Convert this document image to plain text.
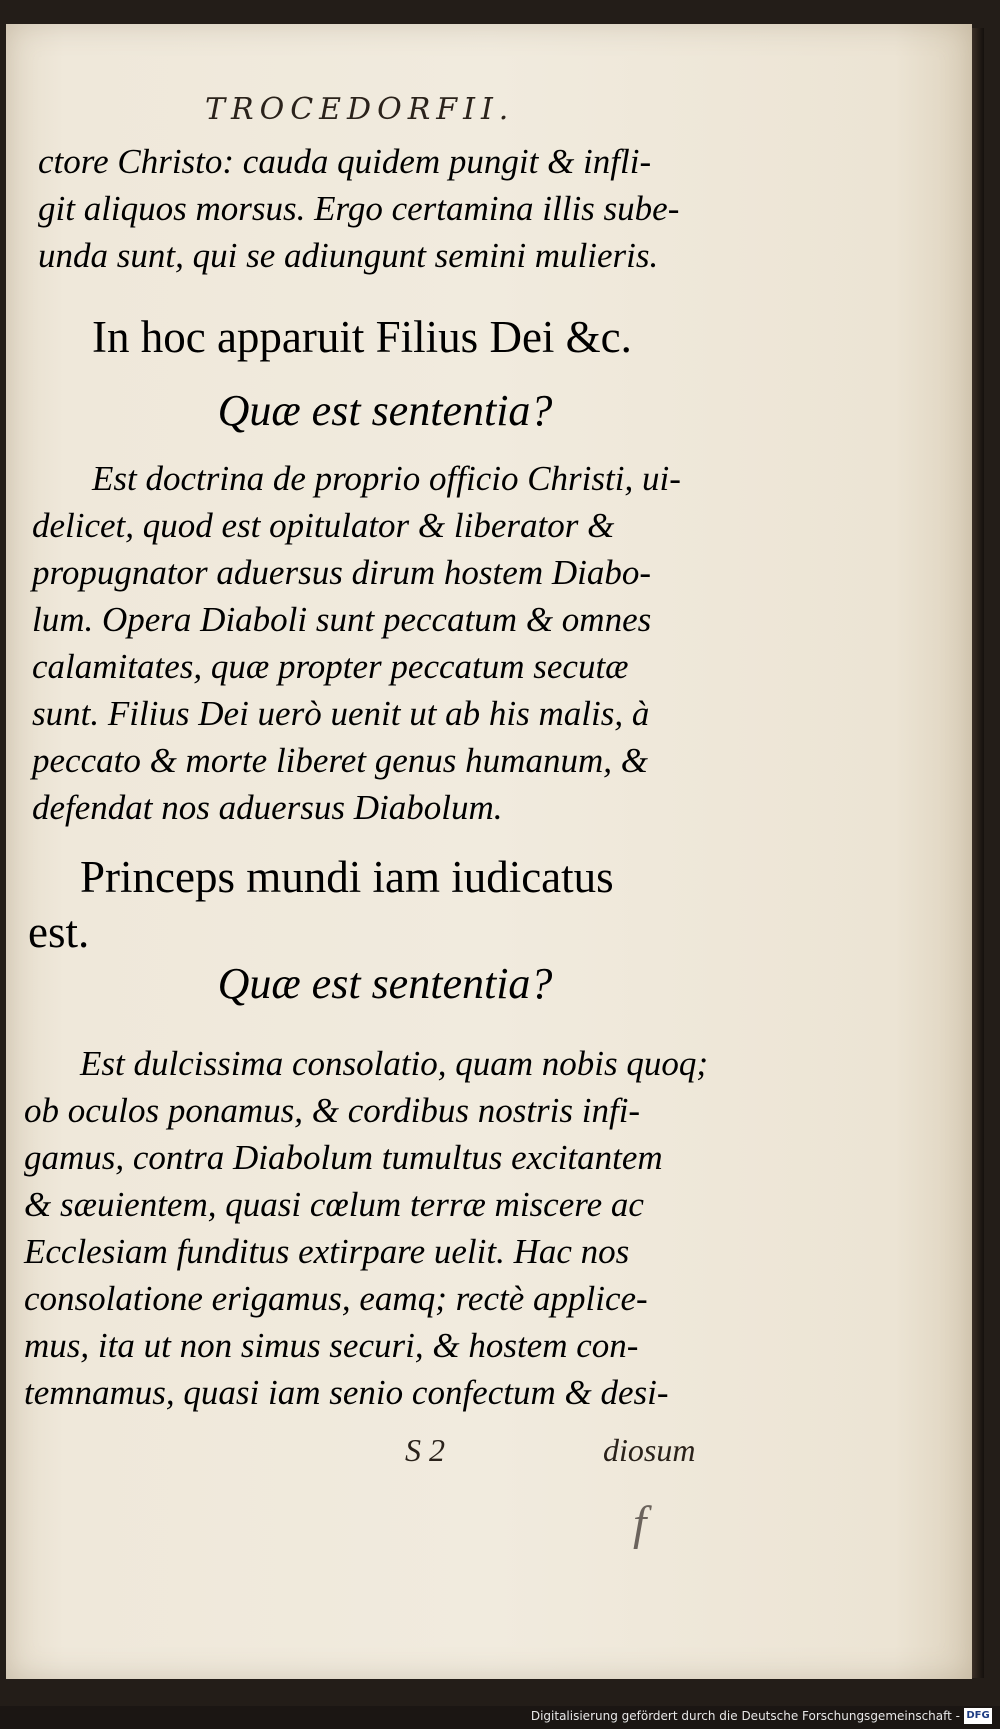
TROCEDORFII.
ctore Christo: cauda quidem pungit & infli-
git aliquos morsus. Ergo certamina illis sube-
unda sunt, qui se adiungunt semini mulieris.
In hoc apparuit Filius Dei &c.
Quæ est sententia?
Est doctrina de proprio officio Christi, ui-
delicet, quod est opitulator & liberator &
propugnator aduersus dirum hostem Diabo-
lum. Opera Diaboli sunt peccatum & omnes
calamitates, quæ propter peccatum secutæ
sunt. Filius Dei uerò uenit ut ab his malis, à
peccato & morte liberet genus humanum, &
defendat nos aduersus Diabolum.
Princeps mundi iam iudicatus
est.
Quæ est sententia?
Est dulcissima consolatio, quam nobis quoq;
ob oculos ponamus, & cordibus nostris infi-
gamus, contra Diabolum tumultus excitantem
& sæuientem, quasi cœlum terræ miscere ac
Ecclesiam funditus extirpare uelit. Hac nos
consolatione erigamus, eamq; rectè applice-
mus, ita ut non simus securi, & hostem con-
temnamus, quasi iam senio confectum & desi-
S 2	diosum
f
Digitalisierung gefördert durch die Deutsche Forschungsgemeinschaft - DFG
